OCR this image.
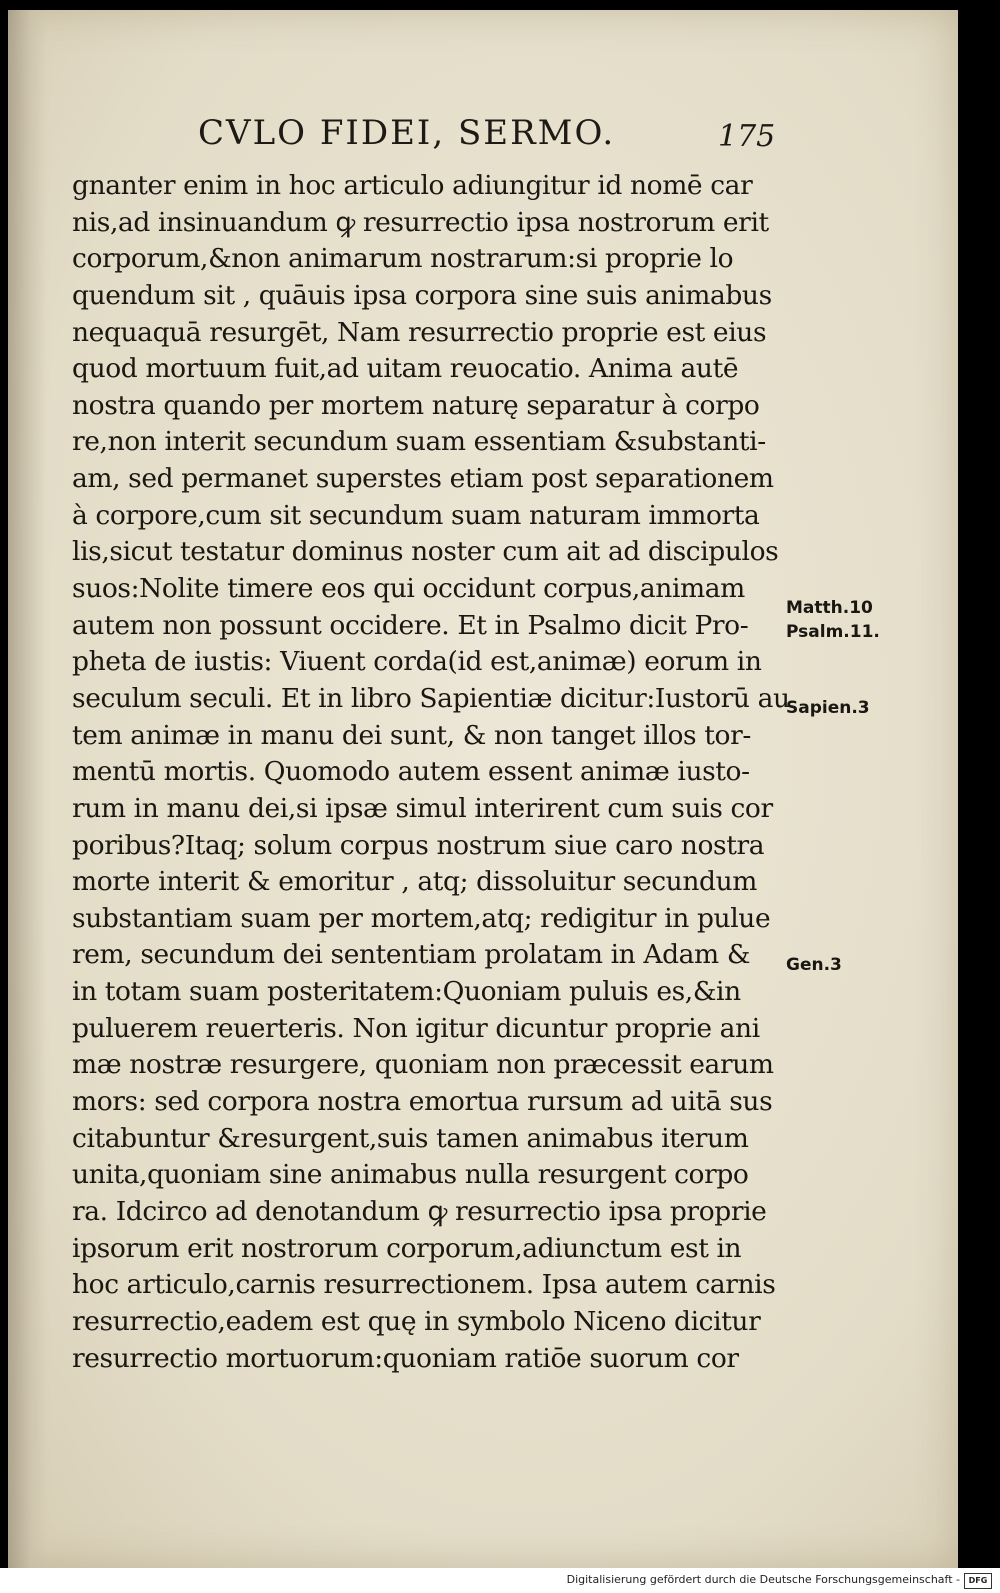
CVLO FIDEI, SERMO.	175
gnanter enim in hoc articulo adiungitur id nomē car
nis,ad insinuandum ꝙ resurrectio ipsa nostrorum erit
corporum,&non animarum nostrarum:si proprie lo
quendum sit , quāuis ipsa corpora sine suis animabus
nequaquā resurgēt, Nam resurrectio proprie est eius
quod mortuum fuit,ad uitam reuocatio. Anima autē
nostra quando per mortem naturę separatur à corpo
re,non interit secundum suam essentiam &substanti-
am, sed permanet superstes etiam post separationem
à corpore,cum sit secundum suam naturam immorta
lis,sicut testatur dominus noster cum ait ad discipulos
suos:Nolite timere eos qui occidunt corpus,animam
autem non possunt occidere. Et in Psalmo dicit Pro-
pheta de iustis: Viuent corda(id est,animæ) eorum in
seculum seculi. Et in libro Sapientiæ dicitur:Iustorū au
tem animæ in manu dei sunt, & non tanget illos tor-
mentū mortis. Quomodo autem essent animæ iusto-
rum in manu dei,si ipsæ simul interirent cum suis cor
poribus?Itaq; solum corpus nostrum siue caro nostra
morte interit & emoritur , atq; dissoluitur secundum
substantiam suam per mortem,atq; redigitur in pulue
rem, secundum dei sententiam prolatam in Adam &
in totam suam posteritatem:Quoniam puluis es,&in
puluerem reuerteris. Non igitur dicuntur proprie ani
mæ nostræ resurgere, quoniam non præcessit earum
mors: sed corpora nostra emortua rursum ad uitā sus
citabuntur &resurgent,suis tamen animabus iterum
unita,quoniam sine animabus nulla resurgent corpo
ra. Idcirco ad denotandum ꝙ resurrectio ipsa proprie
ipsorum erit nostrorum corporum,adiunctum est in
hoc articulo,carnis resurrectionem. Ipsa autem carnis
resurrectio,eadem est quę in symbolo Niceno dicitur
resurrectio mortuorum:quoniam ratiōe suorum cor
Matth.10
Psalm.11.
Sapien.3
Gen.3
Digitalisierung gefördert durch die Deutsche Forschungsgemeinschaft -	DFG
